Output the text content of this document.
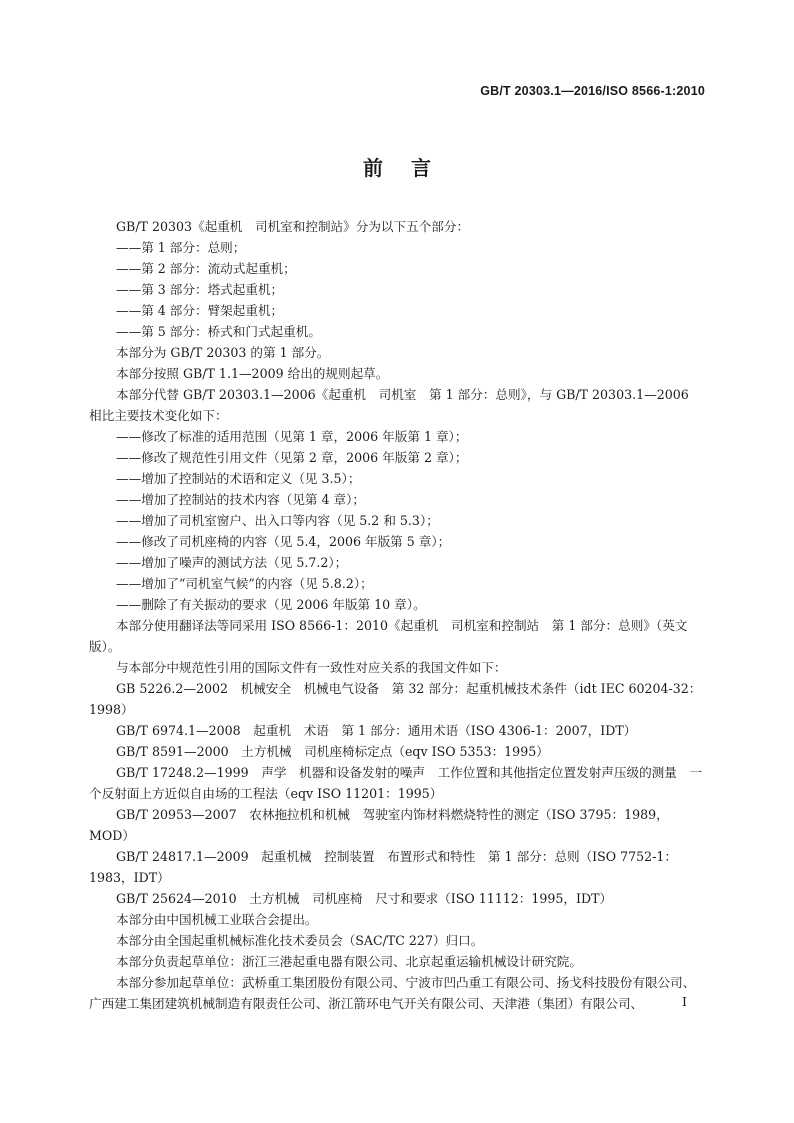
GB/T 20303.1—2016/ISO 8566-1:2010
前言

GB/T 20303《起重机　司机室和控制站》分为以下五个部分：

——第 1 部分：总则；

——第 2 部分：流动式起重机；

——第 3 部分：塔式起重机；

——第 4 部分：臂架起重机；

——第 5 部分：桥式和门式起重机。

本部分为 GB/T 20303 的第 1 部分。

本部分按照 GB/T 1.1—2009 给出的规则起草。

本部分代替 GB/T 20303.1—2006《起重机　司机室　第 1 部分：总则》，与 GB/T 20303.1—2006 相比主要技术变化如下：

——修改了标准的适用范围（见第 1 章，2006 年版第 1 章）；

——修改了规范性引用文件（见第 2 章，2006 年版第 2 章）；

——增加了控制站的术语和定义（见 3.5）；

——增加了控制站的技术内容（见第 4 章）；

——增加了司机室窗户、出入口等内容（见 5.2 和 5.3）；

——修改了司机座椅的内容（见 5.4，2006 年版第 5 章）；

——增加了噪声的测试方法（见 5.7.2）；

——增加了“司机室气候”的内容（见 5.8.2）；

——删除了有关振动的要求（见 2006 年版第 10 章）。

本部分使用翻译法等同采用 ISO 8566-1：2010《起重机　司机室和控制站　第 1 部分：总则》（英文版）。

与本部分中规范性引用的国际文件有一致性对应关系的我国文件如下：

GB 5226.2—2002　机械安全　机械电气设备　第 32 部分：起重机械技术条件（idt IEC 60204-32：1998）

GB/T 6974.1—2008　起重机　术语　第 1 部分：通用术语（ISO 4306-1：2007，IDT）

GB/T 8591—2000　土方机械　司机座椅标定点（eqv ISO 5353：1995）

GB/T 17248.2—1999　声学　机器和设备发射的噪声　工作位置和其他指定位置发射声压级的测量　一个反射面上方近似自由场的工程法（eqv ISO 11201：1995）

GB/T 20953—2007　农林拖拉机和机械　驾驶室内饰材料燃烧特性的测定（ISO 3795：1989，MOD）

GB/T 24817.1—2009　起重机械　控制装置　布置形式和特性　第 1 部分：总则（ISO 7752-1：1983，IDT）

GB/T 25624—2010　土方机械　司机座椅　尺寸和要求（ISO 11112：1995，IDT）

本部分由中国机械工业联合会提出。

本部分由全国起重机械标准化技术委员会（SAC/TC 227）归口。

本部分负责起草单位：浙江三港起重电器有限公司、北京起重运输机械设计研究院。

本部分参加起草单位：武桥重工集团股份有限公司、宁波市凹凸重工有限公司、扬戈科技股份有限公司、广西建工集团建筑机械制造有限责任公司、浙江箭环电气开关有限公司、天津港（集团）有限公司、	I
